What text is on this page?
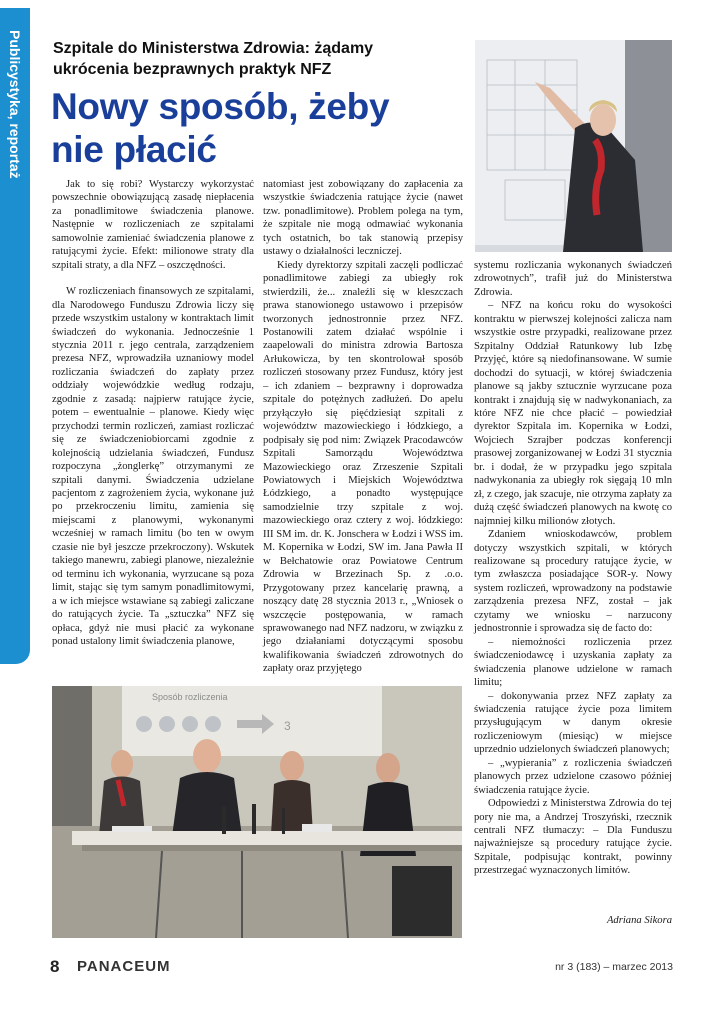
Publicystyka, reportaż Szpitale do Ministerstwa Zdrowia: żądamy ukrócenia bezprawnych praktyk NFZ
Nowy sposób, żeby nie płacić

Jak to się robi? Wystarczy wykorzystać powszechnie obowiązującą zasadę niepłacenia za ponadlimitowe świadczenia planowe. Następnie w rozliczeniach ze szpitalami samowolnie zamieniać świadczenia planowe z ratującymi życie. Efekt: milionowe straty dla szpitali straty, a dla NFZ – oszczędności.

W rozliczeniach finansowych ze szpitalami, dla Narodowego Funduszu Zdrowia liczy się przede wszystkim ustalony w kontraktach limit świadczeń do wykonania. Jednocześnie 1 stycznia 2011 r. jego centrala, zarządzeniem prezesa NFZ, wprowadziła uznaniowy model rozliczania świadczeń do zapłaty przez oddziały wojewódzkie według rodzaju, zgodnie z zasadą: najpierw ratujące życie, potem – ewentualnie – planowe. Kiedy więc przychodzi termin rozliczeń, zamiast rozliczać się ze świadczeniobiorcami zgodnie z kolejnością udzielania świadczeń, Fundusz rozpoczyna „żonglerkę” otrzymanymi ze szpitali danymi. Świadczenia udzielane pacjentom z zagrożeniem życia, wykonane już po przekroczeniu limitu, zamienia się miejscami z planowymi, wykonanymi wcześniej w ramach limitu (bo ten w owym czasie nie był jeszcze przekroczony). Wskutek takiego manewru, zabiegi planowe, niezależnie od terminu ich wykonania, wyrzucane są poza limit, stając się tym samym ponadlimitowymi, a w ich miejsce wstawiane są zabiegi zaliczane do ratujących życie. Ta „sztuczka” NFZ się opłaca, gdyż nie musi płacić za wykonane ponad ustalony limit świadczenia planowe,

natomiast jest zobowiązany do zapłacenia za wszystkie świadczenia ratujące życie (nawet tzw. ponadlimitowe). Problem polega na tym, że szpitale nie mogą odmawiać wykonania tych ostatnich, bo tak stanowią przepisy ustawy o działalności leczniczej.

Kiedy dyrektorzy szpitali zaczęli podliczać ponadlimitowe zabiegi za ubiegły rok stwierdzili, że... znaleźli się w kleszczach prawa stanowionego ustawowo i przepisów tworzonych jednostronnie przez NFZ. Postanowili zatem działać wspólnie i zaapelowali do ministra zdrowia Bartosza Arłukowicza, by ten skontrolował sposób rozliczeń stosowany przez Fundusz, który jest – ich zdaniem – bezprawny i doprowadza szpitale do potężnych zadłużeń. Do apelu przyłączyło się pięćdziesiąt szpitali z województw mazowieckiego i łódzkiego, a podpisały się pod nim: Związek Pracodawców Szpitali Samorządu Województwa Mazowieckiego oraz Zrzeszenie Szpitali Powiatowych i Miejskich Województwa Łódzkiego, a ponadto występujące samodzielnie trzy szpitale z woj. mazowieckiego oraz cztery z woj. łódzkiego: III SM im. dr. K. Jonschera w Łodzi i WSS im. M. Kopernika w Łodzi, SW im. Jana Pawła II w Bełchatowie oraz Powiatowe Centrum Zdrowia w Brzezinach Sp. z .o.o. Przygotowany przez kancelarię prawną, a noszący datę 28 stycznia 2013 r., „Wniosek o wszczęcie postępowania, w ramach sprawowanego nad NFZ nadzoru, w związku z jego działaniami dotyczącymi sposobu kwalifikowania świadczeń zdrowotnych do zapłaty oraz przyjętego

systemu rozliczania wykonanych świadczeń zdrowotnych”, trafił już do Ministerstwa Zdrowia.

– NFZ na końcu roku do wysokości kontraktu w pierwszej kolejności zalicza nam wszystkie ostre przypadki, realizowane przez Szpitalny Oddział Ratunkowy lub Izbę Przyjęć, które są niedofinansowane. W sumie dochodzi do sytuacji, w której świadczenia planowe są jakby sztucznie wyrzucane poza kontrakt i znajdują się w nadwykonaniach, za które NFZ nie chce płacić – powiedział dyrektor Szpitala im. Kopernika w Łodzi, Wojciech Szrajber podczas konferencji prasowej zorganizowanej w Łodzi 31 stycznia br. i dodał, że w przypadku jego szpitala nadwykonania za ubiegły rok sięgają 10 mln zł, z czego, jak szacuje, nie otrzyma zapłaty za dużą część świadczeń planowych na kwotę co najmniej kilku milionów złotych.

Zdaniem wnioskodawców, problem dotyczy wszystkich szpitali, w których realizowane są procedury ratujące życie, w tym zwłaszcza posiadające SOR-y. Nowy system rozliczeń, wprowadzony na podstawie zarządzenia prezesa NFZ, został – jak czytamy we wniosku – narzucony jednostronnie i sprowadza się de facto do:

– niemożności rozliczenia przez świadczeniodawcę i uzyskania zapłaty za świadczenia planowe udzielone w ramach limitu;

– dokonywania przez NFZ zapłaty za świadczenia ratujące życie poza limitem przysługującym w danym okresie rozliczeniowym (miesiąc) w miejsce uprzednio udzielonych świadczeń planowych;

– „wypierania” z rozliczenia świadczeń planowych przez udzielone czasowo później świadczenia ratujące życie.

Odpowiedzi z Ministerstwa Zdrowia do tej pory nie ma, a Andrzej Troszyński, rzecznik centrali NFZ tłumaczy: – Dla Funduszu najważniejsze są procedury ratujące życie. Szpitale, podpisując kontrakt, powinny przestrzegać wyznaczonych limitów.

Adriana Sikora
Sposób rozliczenia
3
8 PANACEUM	nr 3 (183) – marzec 2013
